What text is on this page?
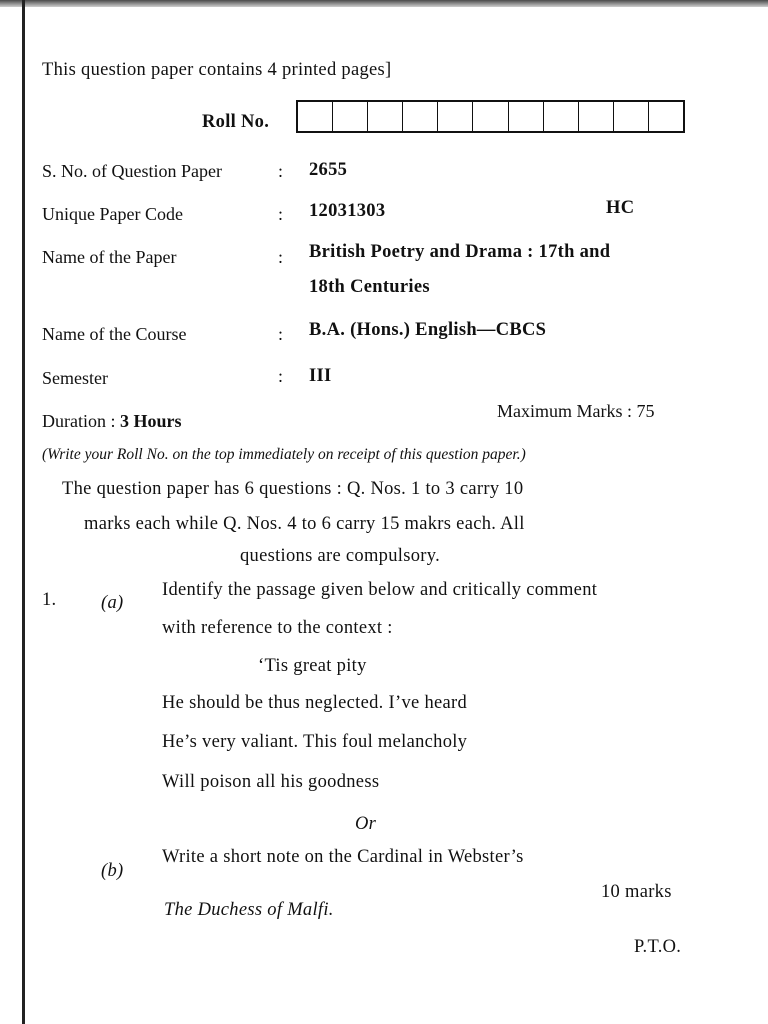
This question paper contains 4 printed pages]
Roll No.
S. No. of Question Paper	: 2655
Unique Paper Code	: 12031303	HC
Name of the Paper	: British Poetry and Drama : 17th and
18th Centuries
Name of the Course	: B.A. (Hons.) English—CBCS
Semester	: III
Duration : 3 Hours	Maximum Marks : 75
(Write your Roll No. on the top immediately on receipt of this question paper.)
The question paper has 6 questions : Q. Nos. 1 to 3 carry 10
marks each while Q. Nos. 4 to 6 carry 15 makrs each. All
questions are compulsory.
1. (a)
Identify the passage given below and critically comment
with reference to the context :
‘Tis great pity
He should be thus neglected. I’ve heard
He’s very valiant. This foul melancholy
Will poison all his goodness
Or
(b)
Write a short note on the Cardinal in Webster’s
The Duchess of Malfi.
10 marks
P.T.O.
